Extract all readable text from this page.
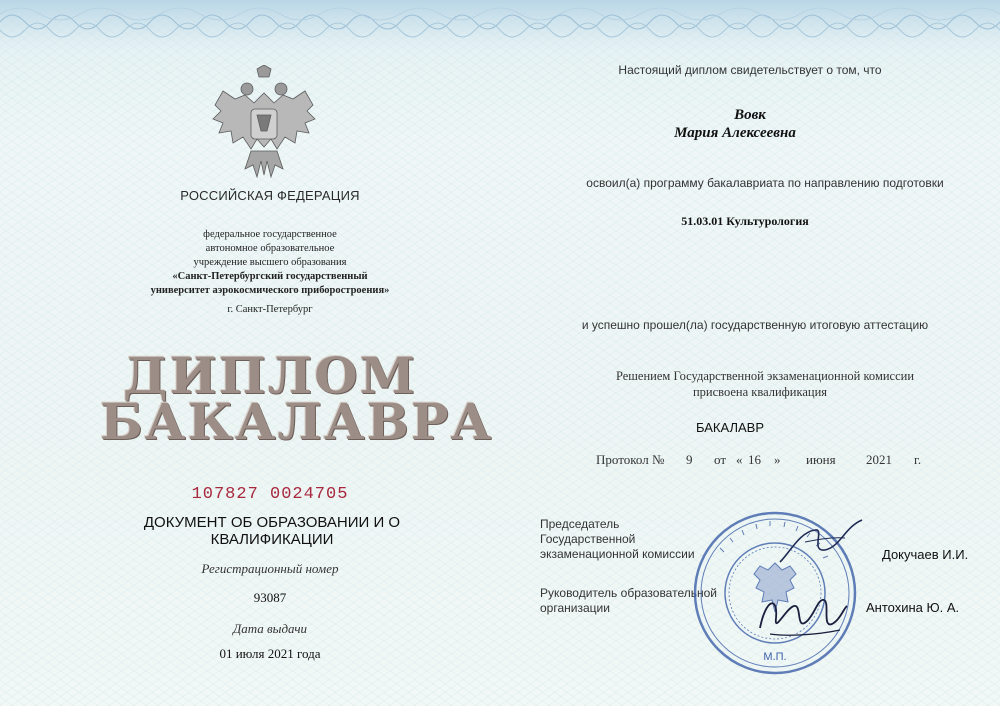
РОССИЙСКАЯ ФЕДЕРАЦИЯ
федеральное государственное
автономное образовательное
учреждение высшего образования
«Санкт-Петербургский государственный
университет аэрокосмического приборостроения»
г. Санкт-Петербург
ДИПЛОМ
БАКАЛАВРА
107827 0024705
ДОКУМЕНТ ОБ ОБРАЗОВАНИИ И О КВАЛИФИКАЦИИ
Регистрационный номер
93087
Дата выдачи
01 июля 2021 года
Настоящий диплом свидетельствует о том, что
Вовк
Мария Алексеевна
освоил(а) программу бакалавриата по направлению подготовки
51.03.01 Культурология
и успешно прошел(ла) государственную итоговую аттестацию
Решением Государственной экзаменационной комиссии
присвоена квалификация
БАКАЛАВР
Протокол № 9 от « 16 » июня 2021 г.
Председатель
Государственной
экзаменационной комиссии	Докучаев И.И.
Руководитель образовательной
организации	Антохина Ю. А.
М.П.
